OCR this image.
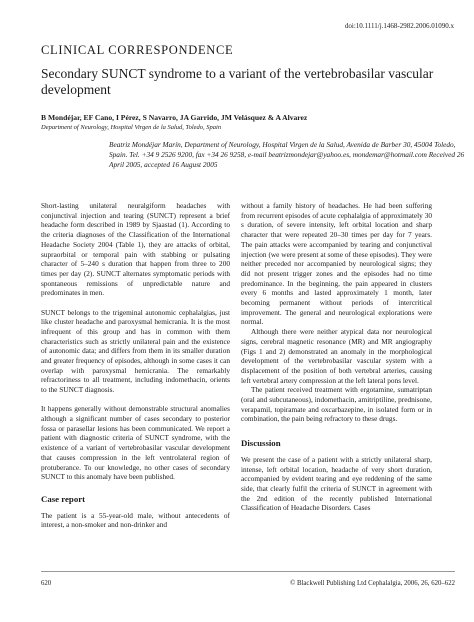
doi:10.1111/j.1468-2982.2006.01090.x
CLINICAL CORRESPONDENCE
Secondary SUNCT syndrome to a variant of the vertebrobasilar vascular development
B Mondéjar, EF Cano, I Pérez, S Navarro, JA Garrido, JM Velásquez & A Alvarez
Department of Neurology, Hospital Virgen de la Salud, Toledo, Spain
Beatriz Mondéjar Marín, Department of Neurology, Hospital Virgen de la Salud, Avenida de Barber 30, 45004 Toledo, Spain. Tel. +34 9 2526 9200, fax +34 26 9258, e-mail beatrizmondejar@yahoo.es, mondemar@hotmail.com Received 26 April 2005, accepted 16 August 2005

Short-lasting unilateral neuralgiform headaches with conjunctival injection and tearing (SUNCT) represent a brief headache form described in 1989 by Sjaastad (1). According to the criteria diagnoses of the Classification of the International Headache Society 2004 (Table 1), they are attacks of orbital, supraorbital or temporal pain with stabbing or pulsating character of 5–240 s duration that happen from three to 200 times per day (2). SUNCT alternates symptomatic periods with spontaneous remissions of unpredictable nature and predominates in men.

SUNCT belongs to the trigeminal autonomic cephalalgias, just like cluster headache and paroxysmal hemicrania. It is the most infrequent of this group and has in common with them characteristics such as strictly unilateral pain and the existence of autonomic data; and differs from them in its smaller duration and greater frequency of episodes, although in some cases it can overlap with paroxysmal hemicrania. The remarkably refractoriness to all treatment, including indomethacin, orients to the SUNCT diagnosis.

It happens generally without demonstrable structural anomalies although a significant number of cases secondary to posterior fossa or parasellar lesions has been communicated. We report a patient with diagnostic criteria of SUNCT syndrome, with the existence of a variant of vertebrobasilar vascular development that causes compression in the left ventrolateral region of protuberance. To our knowledge, no other cases of secondary SUNCT to this anomaly have been published.

Case report

The patient is a 55-year-old male, without antecedents of interest, a non-smoker and non-drinker and

without a family history of headaches. He had been suffering from recurrent episodes of acute cephalalgia of approximately 30 s duration, of severe intensity, left orbital location and sharp character that were repeated 20–30 times per day for 7 years. The pain attacks were accompanied by tearing and conjunctival injection (we were present at some of these episodes). They were neither preceded nor accompanied by neurological signs; they did not present trigger zones and the episodes had no time predominance. In the beginning, the pain appeared in clusters every 6 months and lasted approximately 1 month, later becoming permanent without periods of intercritical improvement. The general and neurological explorations were normal.

Although there were neither atypical data nor neurological signs, cerebral magnetic resonance (MR) and MR angiography (Figs 1 and 2) demonstrated an anomaly in the morphological development of the vertebrobasilar vascular system with a displacement of the position of both vertebral arteries, causing left vertebral artery compression at the left lateral pons level.

The patient received treatment with ergotamine, sumatriptan (oral and subcutaneous), indomethacin, amitriptiline, prednisone, verapamil, topiramate and oxcarbazepine, in isolated form or in combination, the pain being refractory to these drugs.

Discussion

We present the case of a patient with a strictly unilateral sharp, intense, left orbital location, headache of very short duration, accompanied by evident tearing and eye reddening of the same side, that clearly fulfil the criteria of SUNCT in agreement with the 2nd edition of the recently published International Classification of Headache Disorders. Cases

620	© Blackwell Publishing Ltd Cephalalgia, 2006, 26, 620–622
